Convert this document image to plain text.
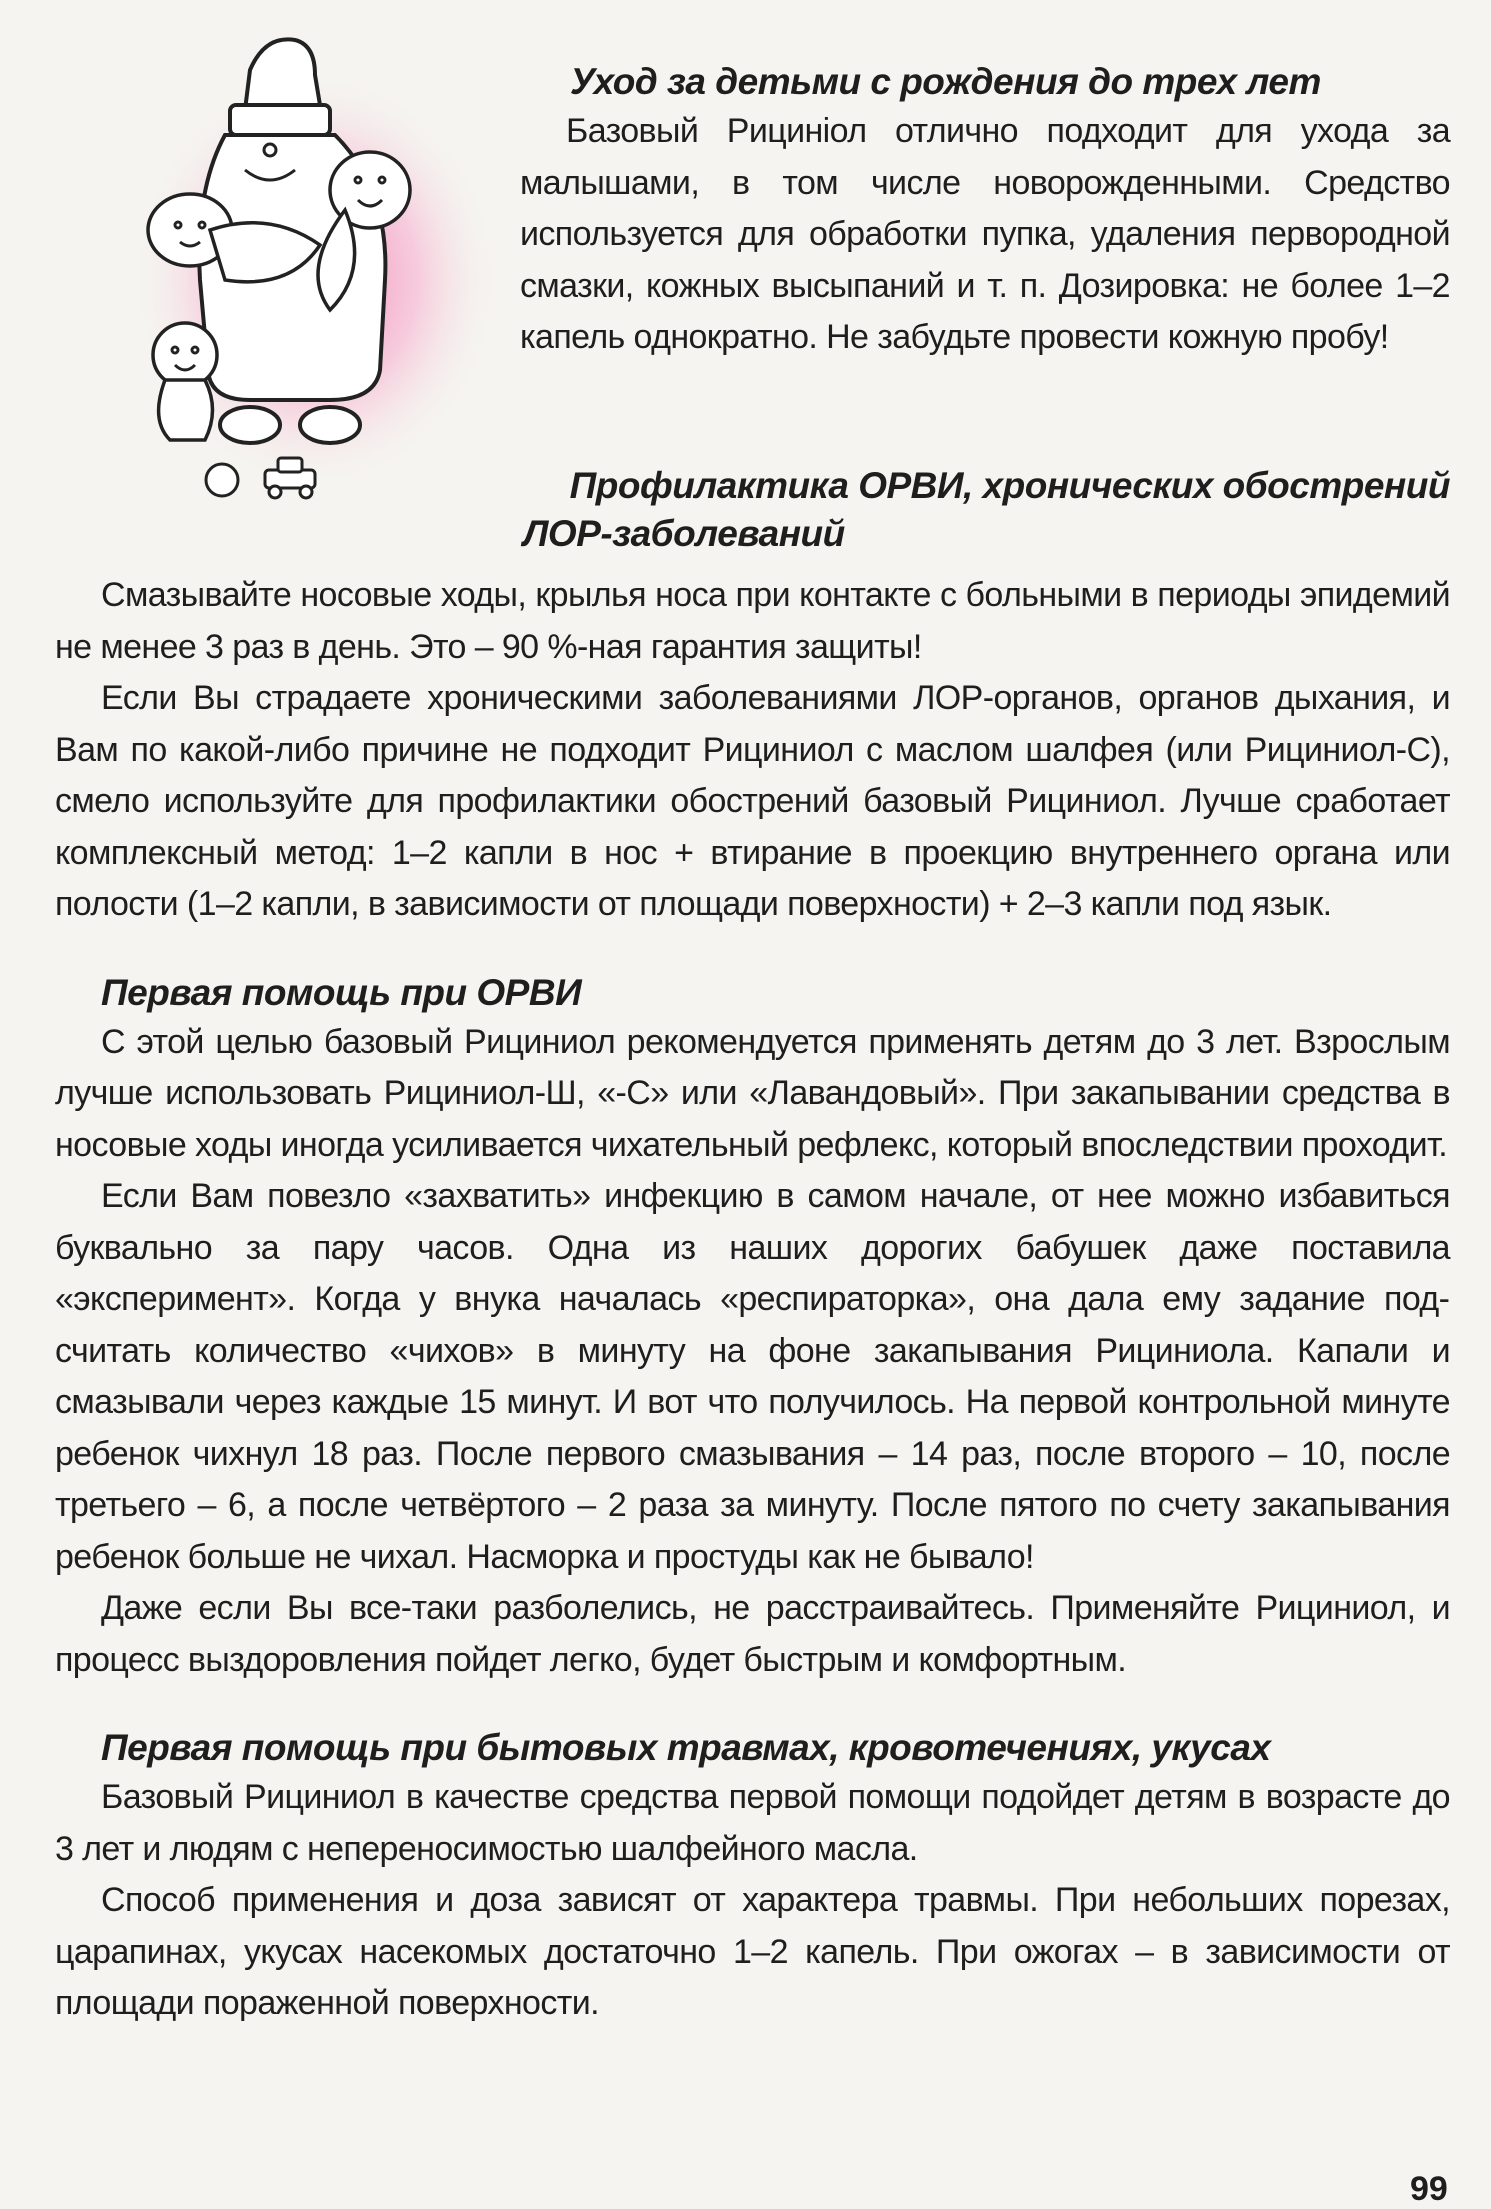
Уход за детьми с рождения до трех лет

Базовый Рицинiол отлично подходит для ухода за малышами, в том числе новорожденными. Средство используется для обработки пупка, удаления первородной смазки, кожных высыпаний и т. п. Дозировка: не более 1–2 капель однократно. Не забудьте провести кожную пробу!

Профилактика ОРВИ, хронических обострений
ЛОР-заболеваний

Смазывайте носовые ходы, крылья носа при контакте с больными в периоды эпидемий не менее 3 раз в день. Это – 90 %-ная гарантия защиты!

Если Вы страдаете хроническими заболеваниями ЛОР-органов, органов дыхания, и Вам по какой-либо причине не подходит Рициниол с маслом шалфея (или Рициниол-С), смело используйте для профилактики обострений базовый Рициниол. Лучше сработает комплексный метод: 1–2 капли в нос + втирание в проекцию внутреннего органа или полости (1–2 капли, в зависимости от площади поверхности) + 2–3 капли под язык.

Первая помощь при ОРВИ

С этой целью базовый Рициниол рекомендуется применять детям до 3 лет. Взрослым лучше использовать Рициниол-Ш, «-С» или «Лавандовый». При закапывании средства в носовые ходы иногда усиливается чихательный рефлекс, который впоследствии проходит.

Если Вам повезло «захватить» инфекцию в самом начале, от нее можно избавиться буквально за пару часов. Одна из наших дорогих бабушек даже поставила «эксперимент». Когда у внука началась «респираторка», она дала ему задание подсчитать количество «чихов» в минуту на фоне закапывания Рициниола. Капали и смазывали через каждые 15 минут. И вот что получилось. На первой контрольной минуте ребенок чихнул 18 раз. После первого смазывания – 14 раз, после второго – 10, после третьего – 6, а после четвёртого – 2 раза за минуту. После пятого по счету закапывания ребенок больше не чихал. Насморка и простуды как не бывало!

Даже если Вы все-таки разболелись, не расстраивайтесь. Применяйте Рициниол, и процесс выздоровления пойдет легко, будет быстрым и комфортным.

Первая помощь при бытовых травмах, кровотечениях, укусах

Базовый Рициниол в качестве средства первой помощи подойдет детям в возрасте до 3 лет и людям с непереносимостью шалфейного масла.

Способ применения и доза зависят от характера травмы. При небольших порезах, царапинах, укусах насекомых достаточно 1–2 капель. При ожогах – в зависимости от площади пораженной поверхности.

99
